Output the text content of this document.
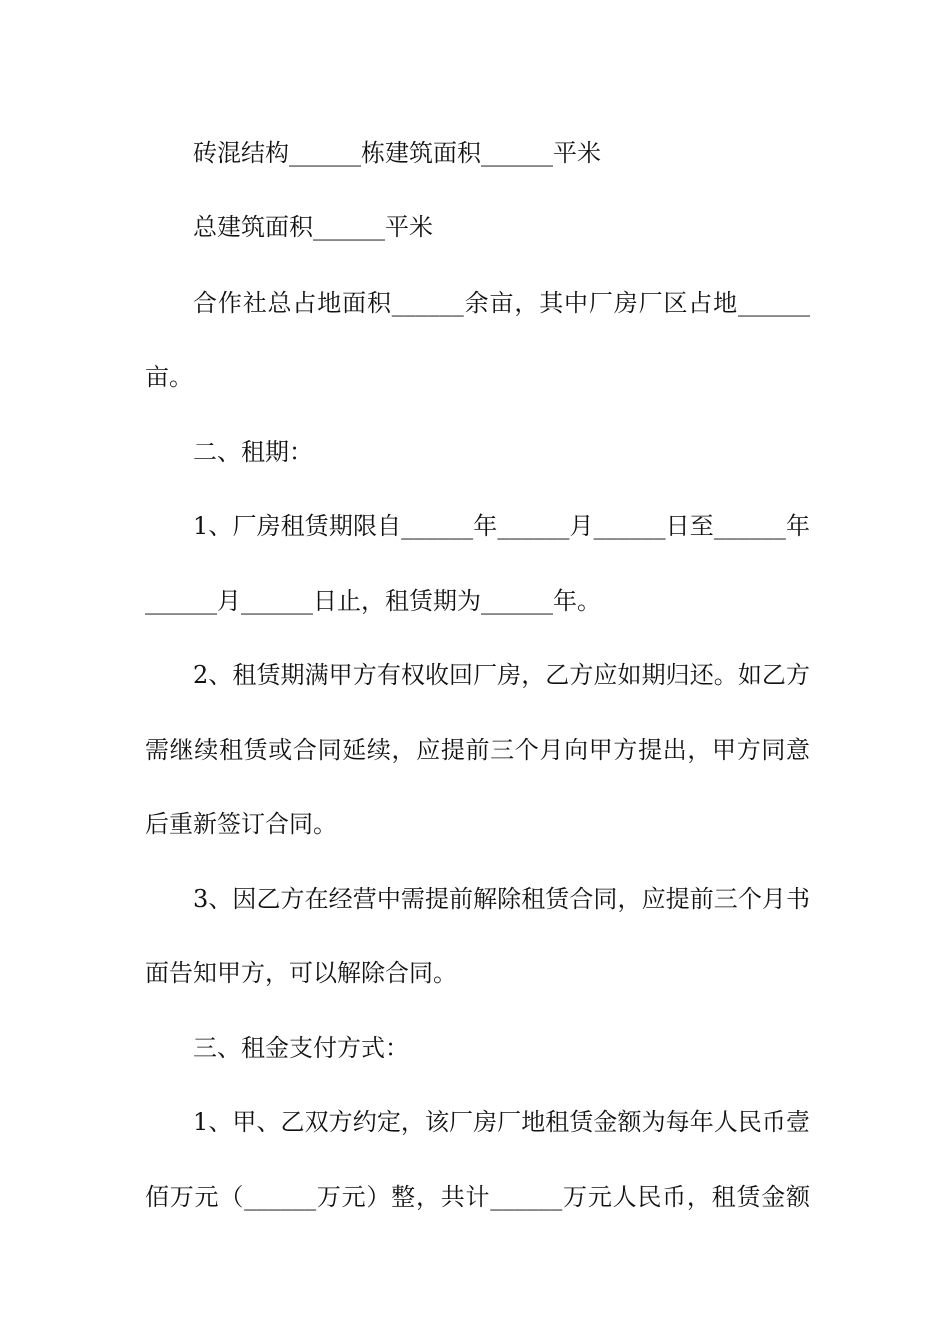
砖混结构______栋建筑面积______平米
总建筑面积______平米
合作社总占地面积______余亩，其中厂房厂区占地______
亩。
二、租期：
1、厂房租赁期限自______年______月______日至______年
______月______日止，租赁期为______年。
2、租赁期满甲方有权收回厂房，乙方应如期归还。如乙方
需继续租赁或合同延续，应提前三个月向甲方提出，甲方同意
后重新签订合同。
3、因乙方在经营中需提前解除租赁合同，应提前三个月书
面告知甲方，可以解除合同。
三、租金支付方式：
1、甲、乙双方约定，该厂房厂地租赁金额为每年人民币壹
佰万元（______万元）整，共计______万元人民币，租赁金额
